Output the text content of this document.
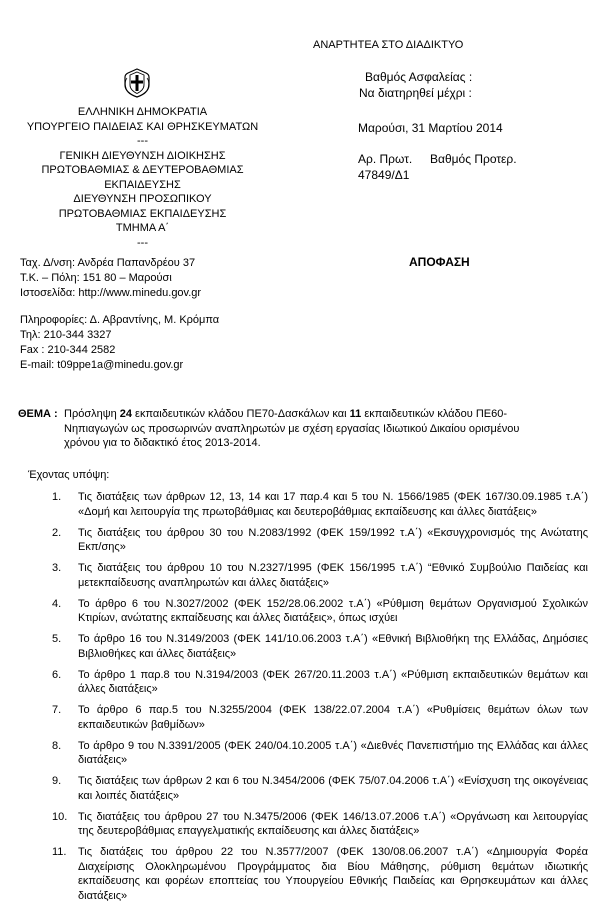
ΑΝΑΡΤΗΤΕΑ ΣΤΟ ΔΙΑΔΙΚΤΥΟ
Βαθμός Ασφαλείας :
Να διατηρηθεί μέχρι :
Μαρούσι, 31 Μαρτίου 2014
Αρ. Πρωτ. Βαθμός Προτερ.
47849/Δ1
ΑΠΟΦΑΣΗ
ΕΛΛΗΝΙΚΗ ΔΗΜΟΚΡΑΤΙΑ
ΥΠΟΥΡΓΕΙΟ ΠΑΙΔΕΙΑΣ ΚΑΙ ΘΡΗΣΚΕΥΜΑΤΩΝ
---
ΓΕΝΙΚΗ ΔΙΕΥΘΥΝΣΗ ΔΙΟΙΚΗΣΗΣ
ΠΡΩΤΟΒΑΘΜΙΑΣ & ΔΕΥΤΕΡΟΒΑΘΜΙΑΣ
ΕΚΠΑΙΔΕΥΣΗΣ
ΔΙΕΥΘΥΝΣΗ ΠΡΟΣΩΠΙΚΟΥ
ΠΡΩΤΟΒΑΘΜΙΑΣ ΕΚΠΑΙΔΕΥΣΗΣ
ΤΜΗΜΑ Α΄
---
Ταχ. Δ/νση: Ανδρέα Παπανδρέου 37
Τ.Κ. – Πόλη: 151 80 – Μαρούσι
Ιστοσελίδα: http://www.minedu.gov.gr
Πληροφορίες: Δ. Αβραντίνης, Μ. Κρόμπα
Τηλ: 210-344 3327
Fax : 210-344 2582
E-mail: t09ppe1a@minedu.gov.gr
ΘΕΜΑ : Πρόσληψη 24 εκπαιδευτικών κλάδου ΠΕ70-Δασκάλων και 11 εκπαιδευτικών κλάδου ΠΕ60-
Νηπιαγωγών ως προσωρινών αναπληρωτών με σχέση εργασίας Ιδιωτικού Δικαίου ορισμένου
χρόνου για το διδακτικό έτος 2013-2014.
Έχοντας υπόψη:
1. Τις διατάξεις των άρθρων 12, 13, 14 και 17 παρ.4 και 5 του Ν. 1566/1985 (ΦΕΚ 167/30.09.1985 τ.Α΄) «Δομή και λειτουργία της πρωτοβάθμιας και δευτεροβάθμιας εκπαίδευσης και άλλες διατάξεις»
2. Τις διατάξεις του άρθρου 30 του Ν.2083/1992 (ΦΕΚ 159/1992 τ.Α΄) «Εκσυγχρονισμός της Ανώτατης Εκπ/σης»
3. Τις διατάξεις του άρθρου 10 του Ν.2327/1995 (ΦΕΚ 156/1995 τ.Α΄) “Εθνικό Συμβούλιο Παιδείας και μετεκπαίδευσης αναπληρωτών και άλλες διατάξεις»
4. Το άρθρο 6 του Ν.3027/2002 (ΦΕΚ 152/28.06.2002 τ.Α΄) «Ρύθμιση θεμάτων Οργανισμού Σχολικών Κτιρίων, ανώτατης εκπαίδευσης και άλλες διατάξεις», όπως ισχύει
5. Το άρθρο 16 του Ν.3149/2003 (ΦΕΚ 141/10.06.2003 τ.Α΄) «Εθνική Βιβλιοθήκη της Ελλάδας, Δημόσιες Βιβλιοθήκες και άλλες διατάξεις»
6. Το άρθρο 1 παρ.8 του Ν.3194/2003 (ΦΕΚ 267/20.11.2003 τ.Α΄) «Ρύθμιση εκπαιδευτικών θεμάτων και άλλες διατάξεις»
7. Το άρθρο 6 παρ.5 του Ν.3255/2004 (ΦΕΚ 138/22.07.2004 τ.Α΄) «Ρυθμίσεις θεμάτων όλων των εκπαιδευτικών βαθμίδων»
8. Το άρθρο 9 του Ν.3391/2005 (ΦΕΚ 240/04.10.2005 τ.Α΄) «Διεθνές Πανεπιστήμιο της Ελλάδας και άλλες διατάξεις»
9. Τις διατάξεις των άρθρων 2 και 6 του Ν.3454/2006 (ΦΕΚ 75/07.04.2006 τ.Α΄) «Ενίσχυση της οικογένειας και λοιπές διατάξεις»
10. Τις διατάξεις του άρθρου 27 του Ν.3475/2006 (ΦΕΚ 146/13.07.2006 τ.Α΄) «Οργάνωση και λειτουργίας της δευτεροβάθμιας επαγγελματικής εκπαίδευσης και άλλες διατάξεις»
11. Τις διατάξεις του άρθρου 22 του Ν.3577/2007 (ΦΕΚ 130/08.06.2007 τ.Α΄) «Δημιουργία Φορέα Διαχείρισης Ολοκληρωμένου Προγράμματος δια Βίου Μάθησης, ρύθμιση θεμάτων ιδιωτικής εκπαίδευσης και φορέων εποπτείας του Υπουργείου Εθνικής Παιδείας και Θρησκευμάτων και άλλες διατάξεις»
